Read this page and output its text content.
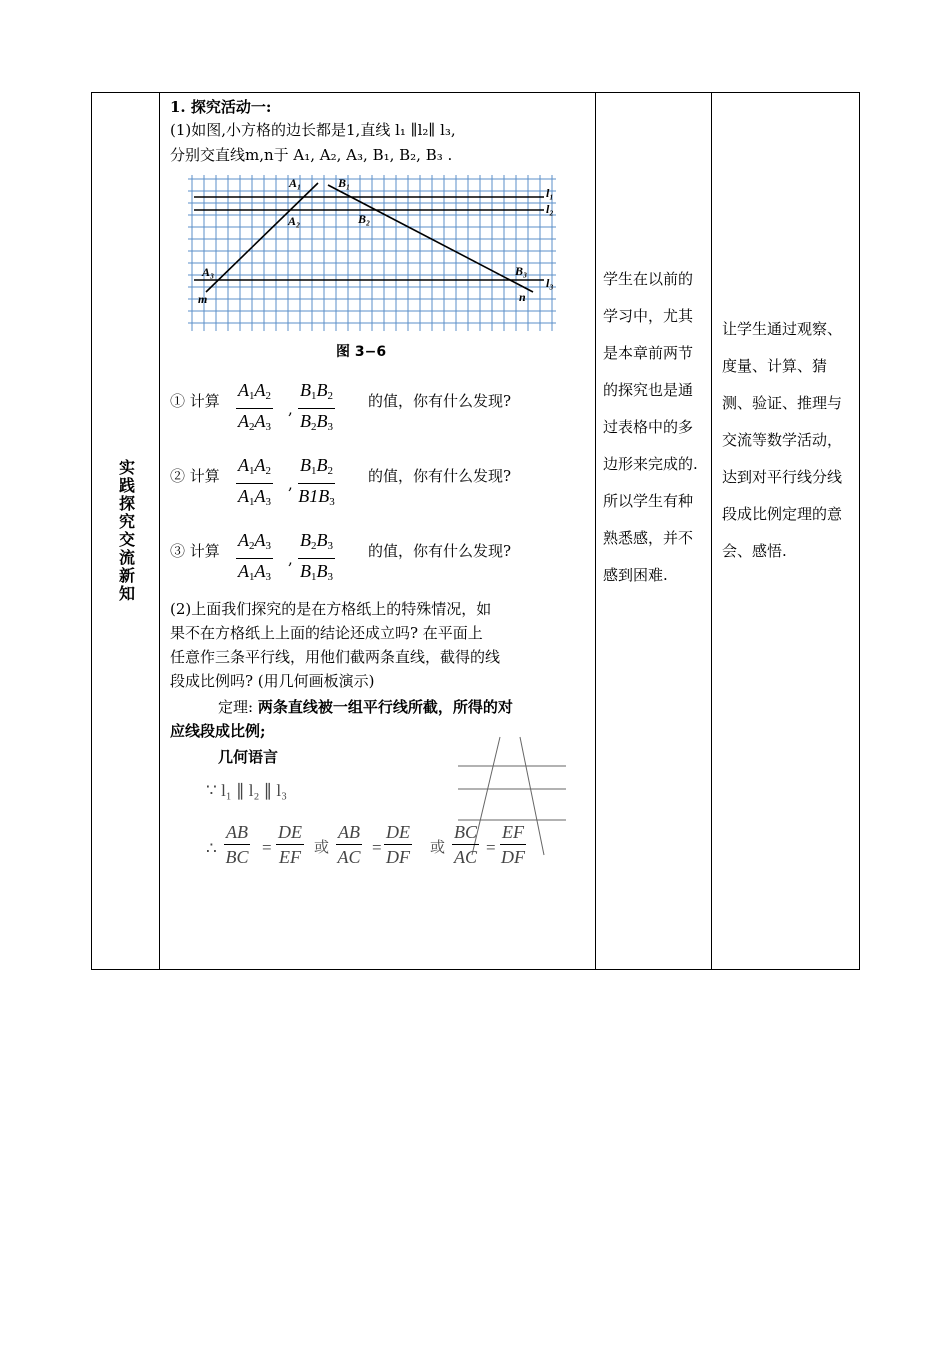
实践探究交流新知
1. 探究活动一:
(1)如图,小方格的边长都是1,直线 l₁ ∥l₂∥ l₃,
分别交直线m,n于 A₁, A₂, A₃, B₁, B₂, B₃ .
A₁	B₁
A₂	B₂
A₃	B₃
l₁
l₂
l₃
m	n
图 3−6
① 计算 $\frac{A_1A_2}{A_2A_3}$ , $\frac{B_1B_2}{B_2B_3}$ 的值，你有什么发现?
② 计算 $\frac{A_1A_2}{A_1A_3}$ , $\frac{B_1B_2}{B1B_3}$ 的值，你有什么发现?
③ 计算 $\frac{A_2A_3}{A_1A_3}$ , $\frac{B_2B_3}{B_1B_3}$ 的值，你有什么发现?
(2)上面我们探究的是在方格纸上的特殊情况，如
果不在方格纸上上面的结论还成立吗? 在平面上
任意作三条平行线，用他们截两条直线，截得的线
段成比例吗? (用几何画板演示)
定理: 两条直线被一组平行线所截，所得的对
应线段成比例;
几何语言
∵ l₁ ∥ l₂ ∥ l₃
∴ $\frac{AB}{BC} = \frac{DE}{EF}$ 或 $\frac{AB}{AC} = \frac{DE}{DF}$ 或 $\frac{BC}{AC} = \frac{EF}{DF}$
学生在以前的学习中，尤其是本章前两节的探究也是通过表格中的多边形来完成的. 所以学生有种熟悉感，并不感到困难.
让学生通过观察、度量、计算、猜测、验证、推理与交流等数学活动，达到对平行线分线段成比例定理的意会、感悟.
